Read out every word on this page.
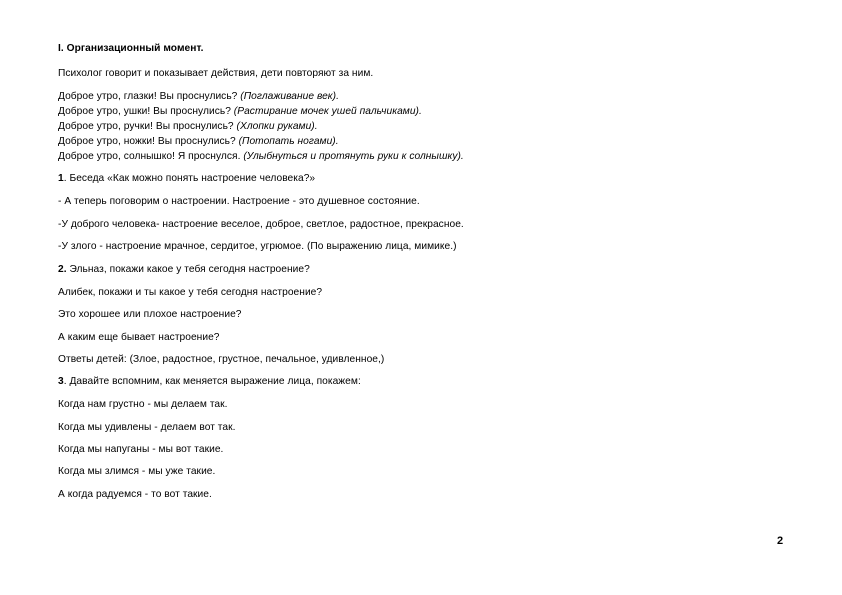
I. Организационный момент.

Психолог говорит и показывает действия, дети повторяют за ним.

Доброе утро, глазки! Вы проснулись? (Поглаживание век).

Доброе утро, ушки! Вы проснулись? (Растирание мочек ушей пальчиками).

Доброе утро, ручки! Вы проснулись? (Хлопки руками).

Доброе утро, ножки! Вы проснулись? (Потопать ногами).

Доброе утро, солнышко! Я проснулся. (Улыбнуться и протянуть руки к солнышку).

1. Беседа «Как можно понять настроение человека?»

- А теперь поговорим о настроении. Настроение - это душевное состояние.

-У доброго человека- настроение веселое, доброе, светлое, радостное, прекрасное.

-У злого - настроение мрачное, сердитое, угрюмое. (По выражению лица, мимике.)

2. Эльназ, покажи какое у тебя сегодня настроение?

Алибек, покажи и ты какое у тебя сегодня настроение?

Это хорошее или плохое настроение?

А каким еще бывает настроение?

Ответы детей: (Злое, радостное, грустное, печальное, удивленное,)

3. Давайте вспомним, как меняется выражение лица, покажем:

Когда нам грустно - мы делаем так.

Когда мы удивлены - делаем вот так.

Когда мы напуганы - мы вот такие.

Когда мы злимся - мы уже такие.

А когда радуемся - то вот такие.

2
